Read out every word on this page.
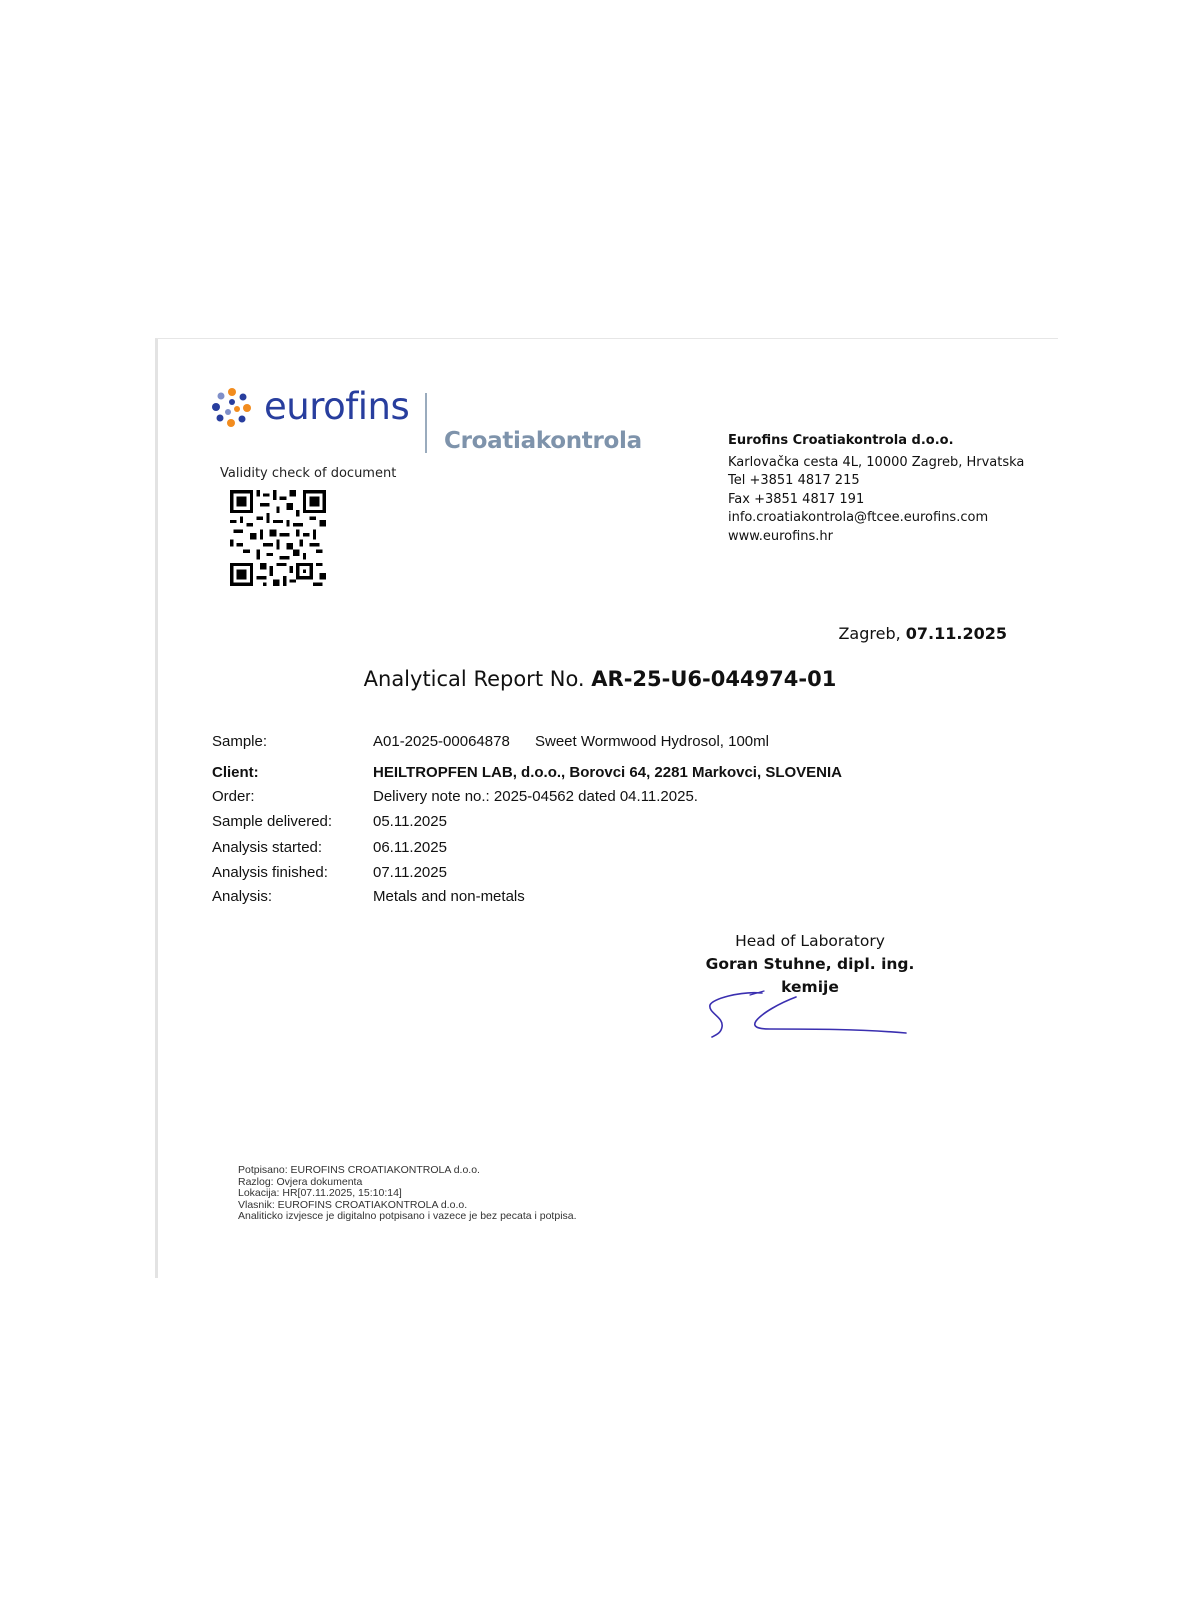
eurofins
Croatiakontrola
Validity check of document
Eurofins Croatiakontrola d.o.o.
Karlovačka cesta 4L, 10000 Zagreb, Hrvatska
Tel +3851 4817 215
Fax +3851 4817 191
info.croatiakontrola@ftcee.eurofins.com
www.eurofins.hr
Zagreb, 07.11.2025
Analytical Report No. AR-25-U6-044974-01
Sample:	A01-2025-00064878 Sweet Wormwood Hydrosol, 100ml
Client:	HEILTROPFEN LAB, d.o.o., Borovci 64, 2281 Markovci, SLOVENIA
Order:	Delivery note no.: 2025-04562 dated 04.11.2025.
Sample delivered:	05.11.2025
Analysis started:	06.11.2025
Analysis finished:	07.11.2025
Analysis:	Metals and non-metals
Head of Laboratory
Goran Stuhne, dipl. ing. kemije
Potpisano: EUROFINS CROATIAKONTROLA d.o.o.
Razlog: Ovjera dokumenta
Lokacija: HR[07.11.2025, 15:10:14]
Vlasnik: EUROFINS CROATIAKONTROLA d.o.o.
Analiticko izvjesce je digitalno potpisano i vazece je bez pecata i potpisa.
